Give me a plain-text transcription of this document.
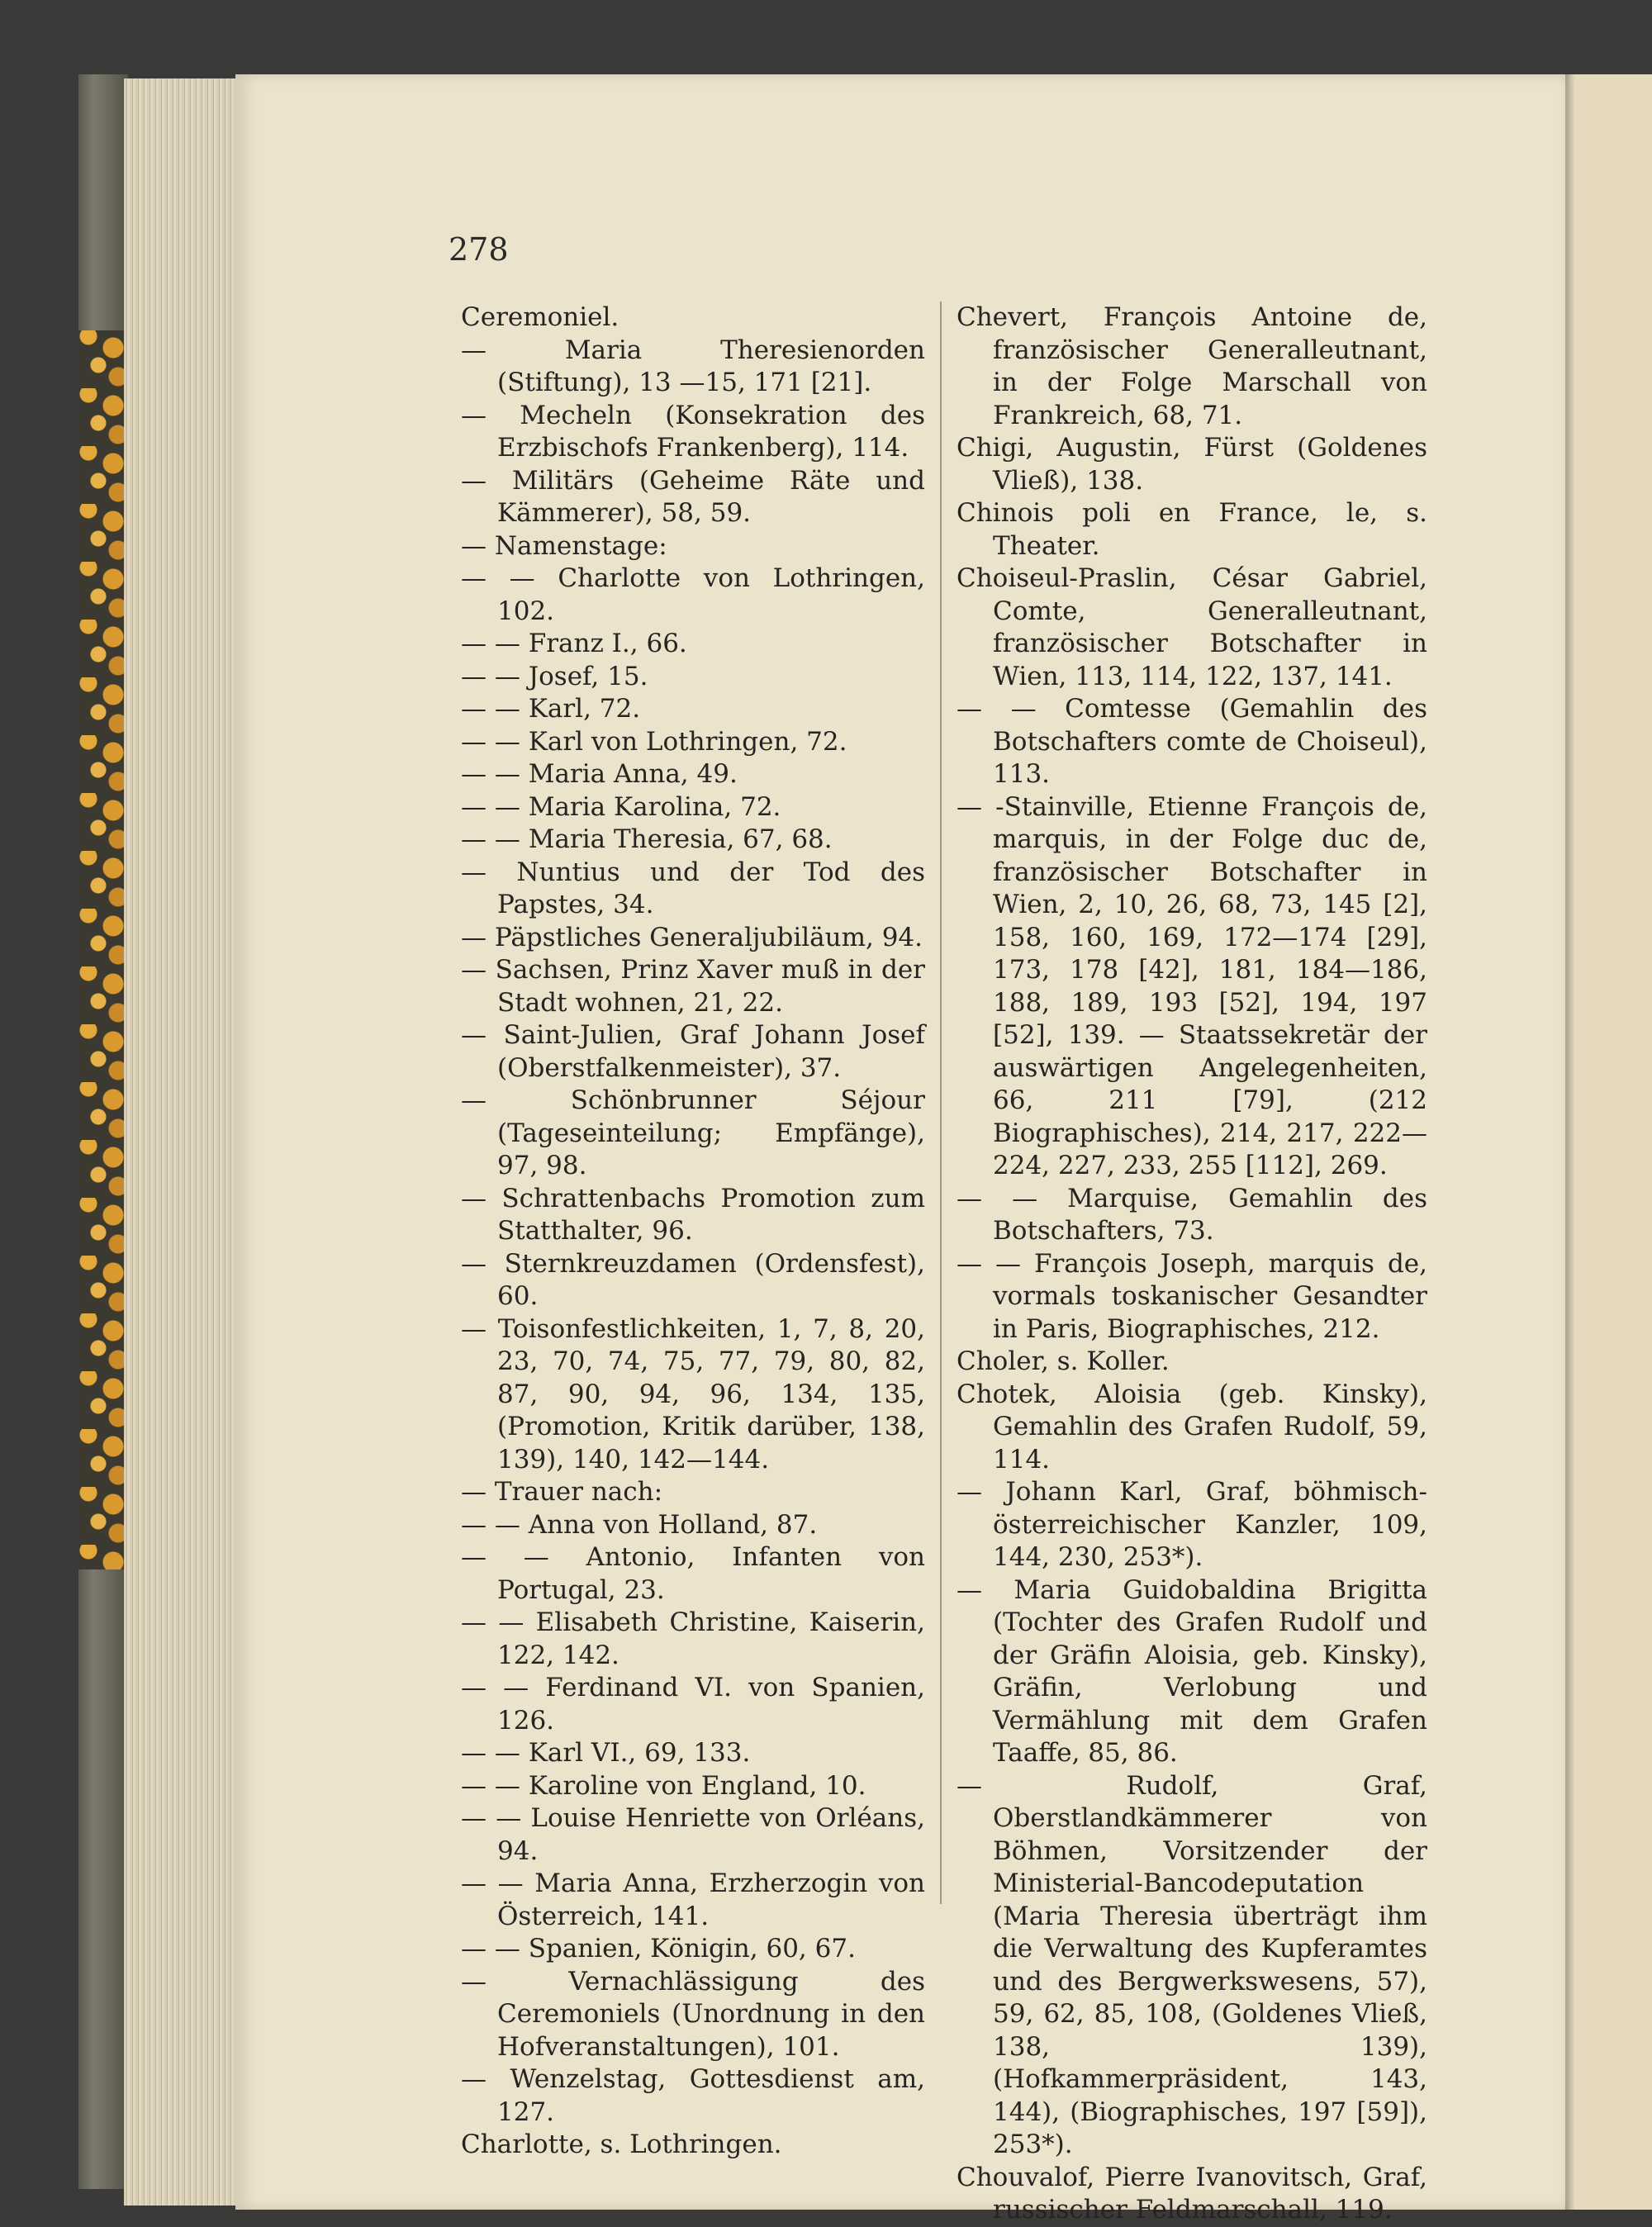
278

Ceremoniel.

— Maria Theresienorden (Stiftung), 13 —15, 171 [21].

— Mecheln (Konsekration des Erzbischofs Frankenberg), 114.

— Militärs (Geheime Räte und Kämmerer), 58, 59.

— Namenstage:

— — Charlotte von Lothringen, 102.

— — Franz I., 66.

— — Josef, 15.

— — Karl, 72.

— — Karl von Lothringen, 72.

— — Maria Anna, 49.

— — Maria Karolina, 72.

— — Maria Theresia, 67, 68.

— Nuntius und der Tod des Papstes, 34.

— Päpstliches Generaljubiläum, 94.

— Sachsen, Prinz Xaver muß in der Stadt wohnen, 21, 22.

— Saint-Julien, Graf Johann Josef (Oberstfalkenmeister), 37.

— Schönbrunner Séjour (Tageseinteilung; Empfänge), 97, 98.

— Schrattenbachs Promotion zum Statthalter, 96.

— Sternkreuzdamen (Ordensfest), 60.

— Toisonfestlichkeiten, 1, 7, 8, 20, 23, 70, 74, 75, 77, 79, 80, 82, 87, 90, 94, 96, 134, 135, (Promotion, Kritik darüber, 138, 139), 140, 142—144.

— Trauer nach:

— — Anna von Holland, 87.

— — Antonio, Infanten von Portugal, 23.

— — Elisabeth Christine, Kaiserin, 122, 142.

— — Ferdinand VI. von Spanien, 126.

— — Karl VI., 69, 133.

— — Karoline von England, 10.

— — Louise Henriette von Orléans, 94.

— — Maria Anna, Erzherzogin von Österreich, 141.

— — Spanien, Königin, 60, 67.

— Vernachlässigung des Ceremoniels (Unordnung in den Hofveranstaltungen), 101.

— Wenzelstag, Gottesdienst am, 127.

Charlotte, s. Lothringen.

Chevert, François Antoine de, französischer Generalleutnant, in der Folge Marschall von Frankreich, 68, 71.

Chigi, Augustin, Fürst (Goldenes Vließ), 138.

Chinois poli en France, le, s. Theater.

Choiseul-Praslin, César Gabriel, Comte, Generalleutnant, französischer Botschafter in Wien, 113, 114, 122, 137, 141.

— — Comtesse (Gemahlin des Botschafters comte de Choiseul), 113.

— -Stainville, Etienne François de, marquis, in der Folge duc de, französischer Botschafter in Wien, 2, 10, 26, 68, 73, 145 [2], 158, 160, 169, 172—174 [29], 173, 178 [42], 181, 184—186, 188, 189, 193 [52], 194, 197 [52], 139. — Staatssekretär der auswärtigen Angelegenheiten, 66, 211 [79], (212 Biographisches), 214, 217, 222—224, 227, 233, 255 [112], 269.

— — Marquise, Gemahlin des Botschafters, 73.

— — François Joseph, marquis de, vormals toskanischer Gesandter in Paris, Biographisches, 212.

Choler, s. Koller.

Chotek, Aloisia (geb. Kinsky), Gemahlin des Grafen Rudolf, 59, 114.

— Johann Karl, Graf, böhmisch-österreichischer Kanzler, 109, 144, 230, 253*).

— Maria Guidobaldina Brigitta (Tochter des Grafen Rudolf und der Gräfin Aloisia, geb. Kinsky), Gräfin, Verlobung und Vermählung mit dem Grafen Taaffe, 85, 86.

— Rudolf, Graf, Oberstlandkämmerer von Böhmen, Vorsitzender der Ministerial-Bancodeputation (Maria Theresia überträgt ihm die Verwaltung des Kupferamtes und des Bergwerkswesens, 57), 59, 62, 85, 108, (Goldenes Vließ, 138, 139), (Hofkammerpräsident, 143, 144), (Biographisches, 197 [59]), 253*).

Chouvalof, Pierre Ivanovitsch, Graf, russischer Feldmarschall, 119.
